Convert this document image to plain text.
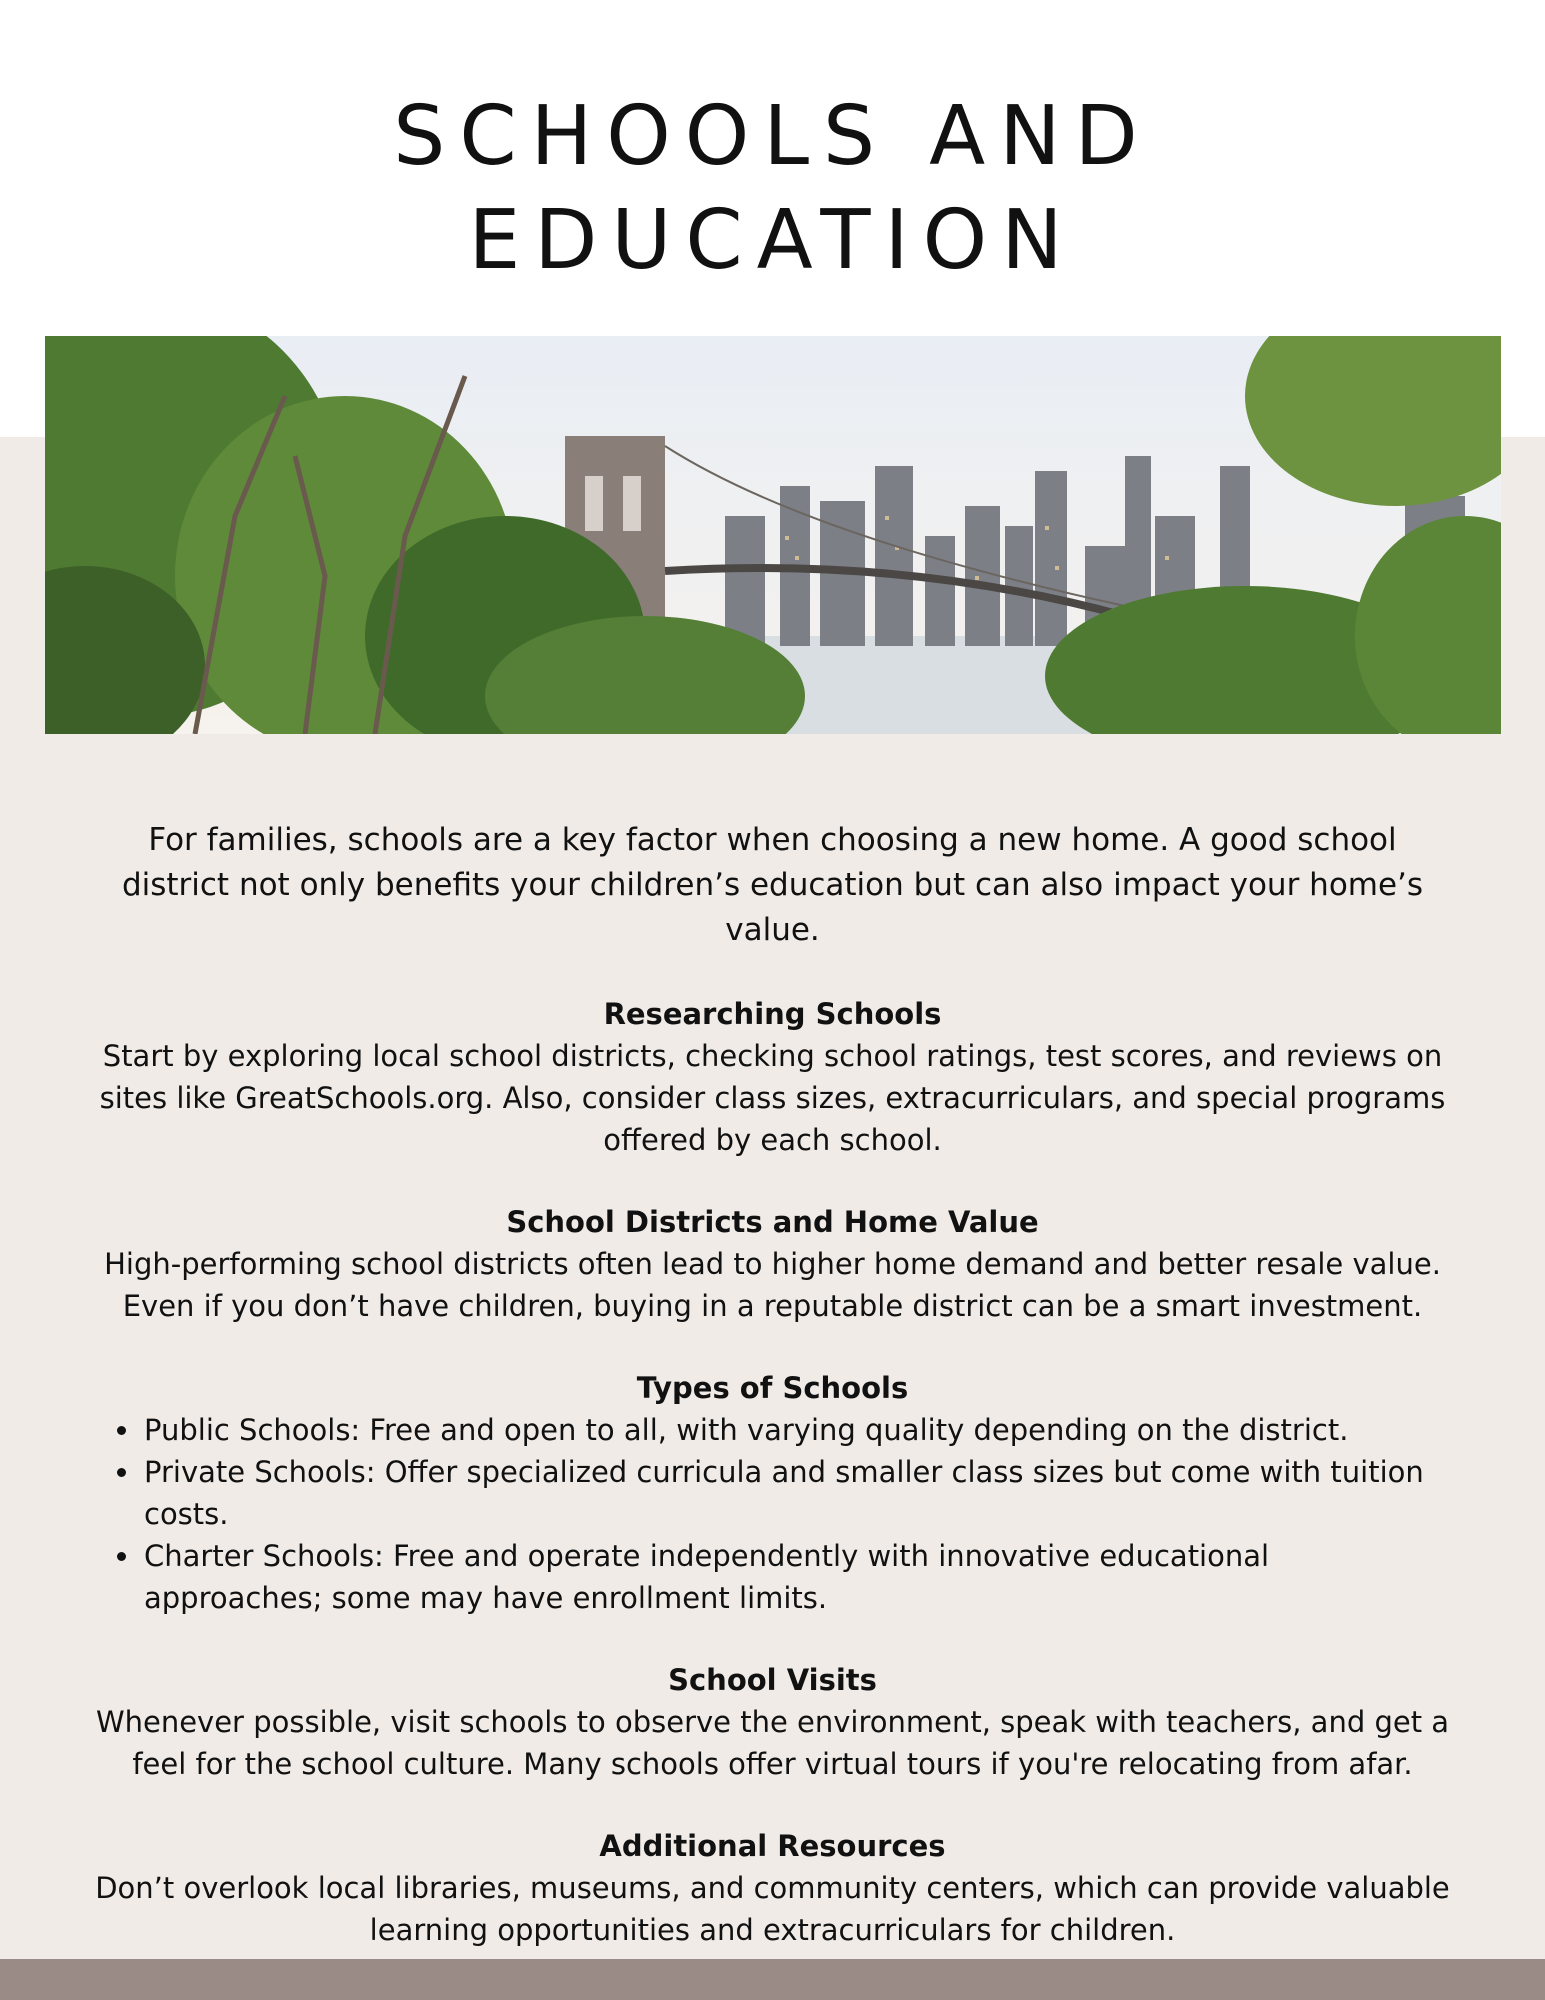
SCHOOLS AND
EDUCATION

For families, schools are a key factor when choosing a new home. A good school district not only benefits your children’s education but can also impact your home’s value.

Researching Schools

Start by exploring local school districts, checking school ratings, test scores, and reviews on sites like GreatSchools.org. Also, consider class sizes, extracurriculars, and special programs offered by each school.

School Districts and Home Value

High-performing school districts often lead to higher home demand and better resale value. Even if you don’t have children, buying in a reputable district can be a smart investment.

Types of Schools
• Public Schools: Free and open to all, with varying quality depending on the district.
• Private Schools: Offer specialized curricula and smaller class sizes but come with tuition costs.
• Charter Schools: Free and operate independently with innovative educational approaches; some may have enrollment limits.
School Visits

Whenever possible, visit schools to observe the environment, speak with teachers, and get a feel for the school culture. Many schools offer virtual tours if you're relocating from afar.

Additional Resources

Don’t overlook local libraries, museums, and community centers, which can provide valuable learning opportunities and extracurriculars for children.
